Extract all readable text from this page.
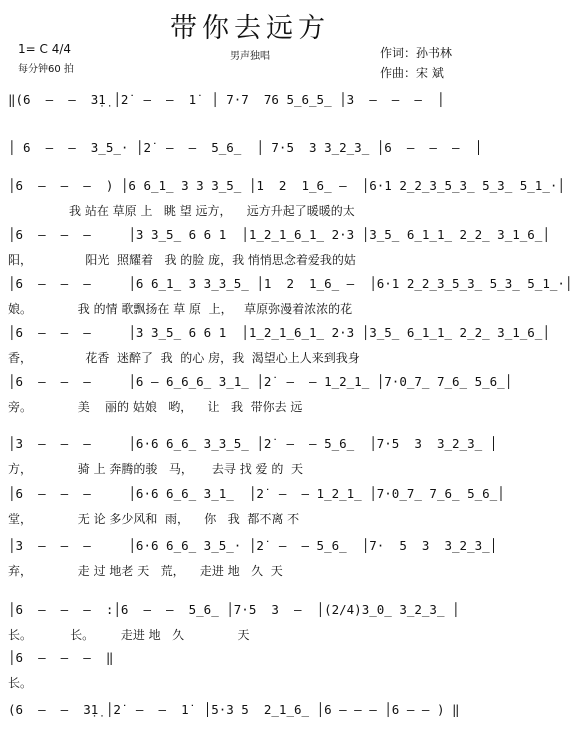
带你去远方
1= C 4/4
每分钟60 拍
男声独唱	作词：孙书林
作曲：宋 斌
‖(6  —  —  3̣1̣ │2̇  —  —  1̇  │ 7·7  76 5̲6̲5̲ │3  —  —  —  │
│ 6  —  —  3̲5̲· │2̇  —  —  5̲6̲  │ 7·5  3 3̲2̲3̲ │6  —  —  —  │
│6  —  —  —  ) │6 6̲1̲ 3 3 3̲5̲ │1  2  1̲6̲ —  │6·1 2̲2̲3̲5̲3̲ 5̲3̲ 5̲1̲·│
我 站在 草原 上   眺 望 远方，    远方升起了暖暖的太
│6  —  —  —     │3 3̲5̲ 6 6 1  │1̲2̲1̲6̲1̲ 2·3 │3̲5̲ 6̲1̲1̲ 2̲2̲ 3̲1̲6̲│
阳，              阳光  照耀着   我 的脸 庞，我 悄悄思念着爱我的姑
│6  —  —  —     │6 6̲1̲ 3 3̲3̲5̲ │1  2  1̲6̲ —  │6·1 2̲2̲3̲5̲3̲ 5̲3̲ 5̲1̲·│
娘。            我 的情 歌飘扬在 草 原  上，   草原弥漫着浓浓的花
│6  —  —  —     │3 3̲5̲ 6 6 1  │1̲2̲1̲6̲1̲ 2·3 │3̲5̲ 6̲1̲1̲ 2̲2̲ 3̲1̲6̲│
香，              花香  迷醉了  我  的心 房，我  渴望心上人来到我身
│6  —  —  —     │6 — 6̲6̲6̲ 3̲1̲ │2̇  —  — 1̲2̲1̲ │7·0̲7̲ 7̲6̲ 5̲6̲│
旁。            美    丽的 姑娘   哟，    让   我  带你去 远
│3  —  —  —     │6·6 6̲6̲ 3̲3̲5̲ │2̇  —  — 5̲6̲  │7·5  3  3̲2̲3̲ │
方，            骑 上 奔腾的骏   马，     去寻 找 爱 的  天
│6  —  —  —     │6·6 6̲6̲ 3̲1̲  │2̇  —  — 1̲2̲1̲ │7·0̲7̲ 7̲6̲ 5̲6̲│
堂，            无 论 多少风和  雨，    你   我  都不离 不
│3  —  —  —     │6·6 6̲6̲ 3̲5̲· │2̇  —  — 5̲6̲  │7·  5  3  3̲2̲3̲│
弃，            走 过 地老 天   荒，    走进 地   久  天
│6  —  —  —  :│6  —  —  5̲6̲ │7·5  3  —  │(2/4)3̲0̲ 3̲2̲3̲ │
长。          长。       走进 地   久              天
│6  —  —  —  ‖
长。
(6  —  —  3̣1̣ │2̇  —  —  1̇  │5·3 5  2̲1̲6̲ │6 — — — │6 — — ) ‖
